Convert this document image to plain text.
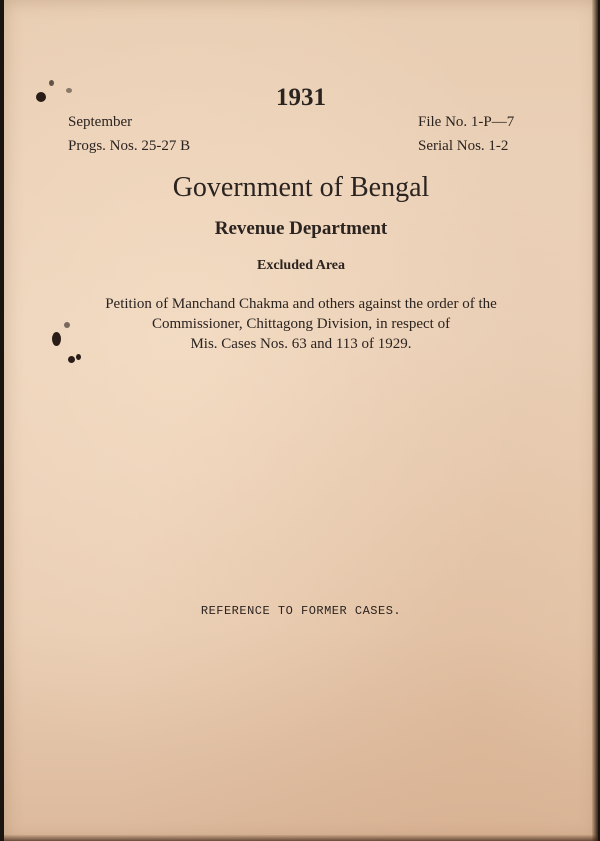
1931
September
Progs. Nos. 25-27 B
File No. 1-P—7
Serial Nos. 1-2
Government of Bengal
Revenue Department
Excluded Area
Petition of Manchand Chakma and others against the order of the
Commissioner, Chittagong Division, in respect of
Mis. Cases Nos. 63 and 113 of 1929.
REFERENCE TO FORMER CASES.
